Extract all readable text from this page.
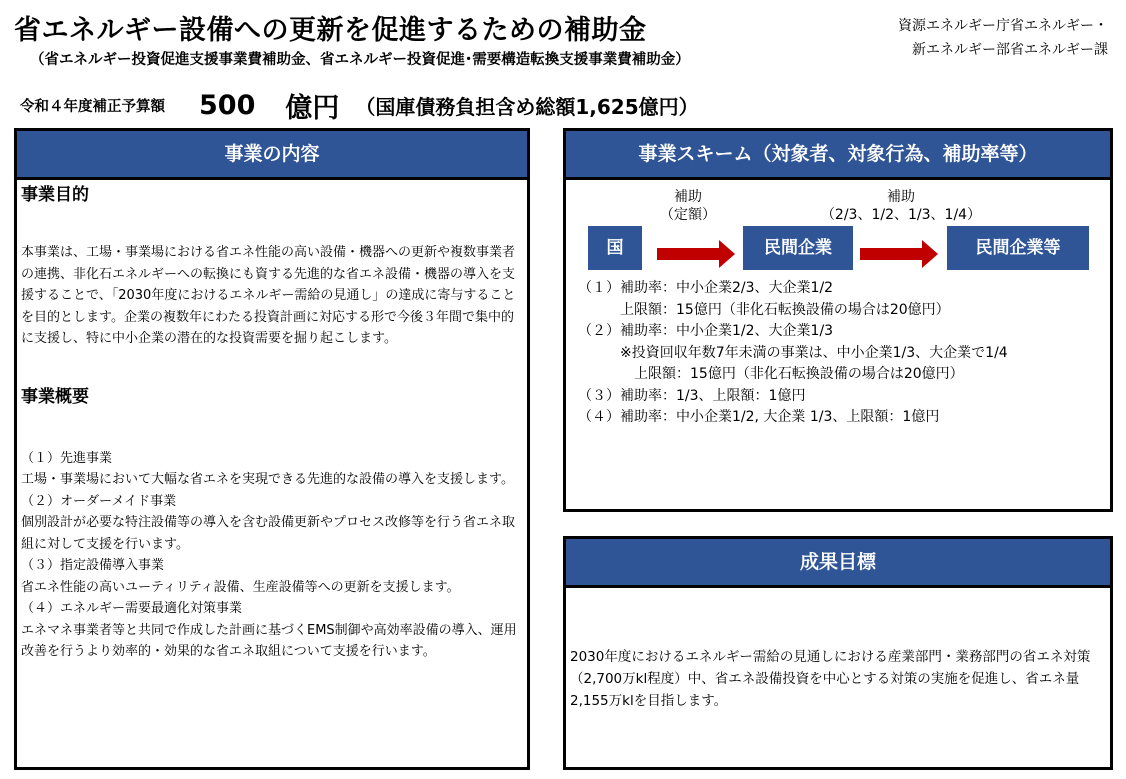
省エネルギー設備への更新を促進するための補助金
（省エネルギー投資促進支援事業費補助金、省エネルギー投資促進･需要構造転換支援事業費補助金）
資源エネルギー庁省エネルギー・
新エネルギー部省エネルギー課
令和４年度補正予算額 500 億円 （国庫債務負担含め総額1,625億円）
事業の内容
事業目的

本事業は、工場・事業場における省エネ性能の高い設備・機器への更新や複数事業者の連携、非化石エネルギーへの転換にも資する先進的な省エネ設備・機器の導入を支援することで、「2030年度におけるエネルギー需給の見通し」の達成に寄与することを目的とします。企業の複数年にわたる投資計画に対応する形で今後３年間で集中的に支援し、特に中小企業の潜在的な投資需要を掘り起こします。

事業概要

（１）先進事業

工場・事業場において大幅な省エネを実現できる先進的な設備の導入を支援します。

（２）オーダーメイド事業

個別設計が必要な特注設備等の導入を含む設備更新やプロセス改修等を行う省エネ取組に対して支援を行います。

（３）指定設備導入事業

省エネ性能の高いユーティリティ設備、生産設備等への更新を支援します。

（４）エネルギー需要最適化対策事業

エネマネ事業者等と共同で作成した計画に基づくEMS制御や高効率設備の導入、運用改善を行うより効率的・効果的な省エネ取組について支援を行います。

事業スキーム（対象者、対象行為、補助率等）
補助
（定額）
補助
（2/3、1/2、1/3、1/4）
国	民間企業	民間企業等
（１）補助率：中小企業2/3、大企業1/2
　　　上限額：15億円（非化石転換設備の場合は20億円）
（２）補助率：中小企業1/2、大企業1/3
　　　※投資回収年数7年未満の事業は、中小企業1/3、大企業で1/4
　　　　上限額：15億円（非化石転換設備の場合は20億円）
（３）補助率：1/3、上限額：1億円
（４）補助率：中小企業1/2, 大企業 1/3、上限額：1億円
成果目標
2030年度におけるエネルギー需給の見通しにおける産業部門・業務部門の省エネ対策（2,700万kl程度）中、省エネ設備投資を中心とする対策の実施を促進し、省エネ量2,155万klを目指します。
